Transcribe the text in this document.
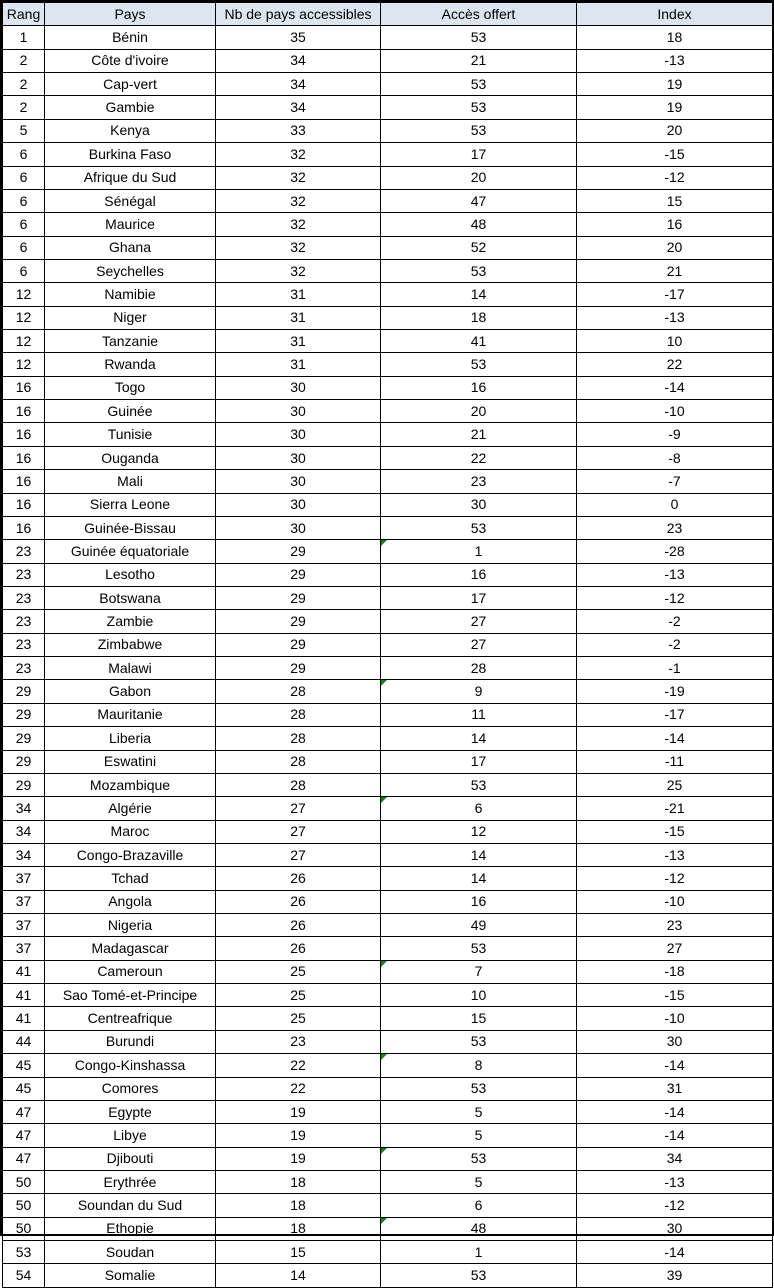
Rang	Pays	Nb de pays accessibles	Accès offert	Index
1	Bénin	35	53	18
2	Côte d'ivoire	34	21	-13
2	Cap-vert	34	53	19
2	Gambie	34	53	19
5	Kenya	33	53	20
6	Burkina Faso	32	17	-15
6	Afrique du Sud	32	20	-12
6	Sénégal	32	47	15
6	Maurice	32	48	16
6	Ghana	32	52	20
6	Seychelles	32	53	21
12	Namibie	31	14	-17
12	Niger	31	18	-13
12	Tanzanie	31	41	10
12	Rwanda	31	53	22
16	Togo	30	16	-14
16	Guinée	30	20	-10
16	Tunisie	30	21	-9
16	Ouganda	30	22	-8
16	Mali	30	23	-7
16	Sierra Leone	30	30	0
16	Guinée-Bissau	30	53	23
23	Guinée équatoriale	29	1	-28
23	Lesotho	29	16	-13
23	Botswana	29	17	-12
23	Zambie	29	27	-2
23	Zimbabwe	29	27	-2
23	Malawi	29	28	-1
29	Gabon	28	9	-19
29	Mauritanie	28	11	-17
29	Liberia	28	14	-14
29	Eswatini	28	17	-11
29	Mozambique	28	53	25
34	Algérie	27	6	-21
34	Maroc	27	12	-15
34	Congo-Brazaville	27	14	-13
37	Tchad	26	14	-12
37	Angola	26	16	-10
37	Nigeria	26	49	23
37	Madagascar	26	53	27
41	Cameroun	25	7	-18
41	Sao Tomé-et-Principe	25	10	-15
41	Centreafrique	25	15	-10
44	Burundi	23	53	30
45	Congo-Kinshassa	22	8	-14
45	Comores	22	53	31
47	Egypte	19	5	-14
47	Libye	19	5	-14
47	Djibouti	19	53	34
50	Erythrée	18	5	-13
50	Soundan du Sud	18	6	-12
50	Ethopie	18	48	30
53	Soudan	15	1	-14
54	Somalie	14	53	39
